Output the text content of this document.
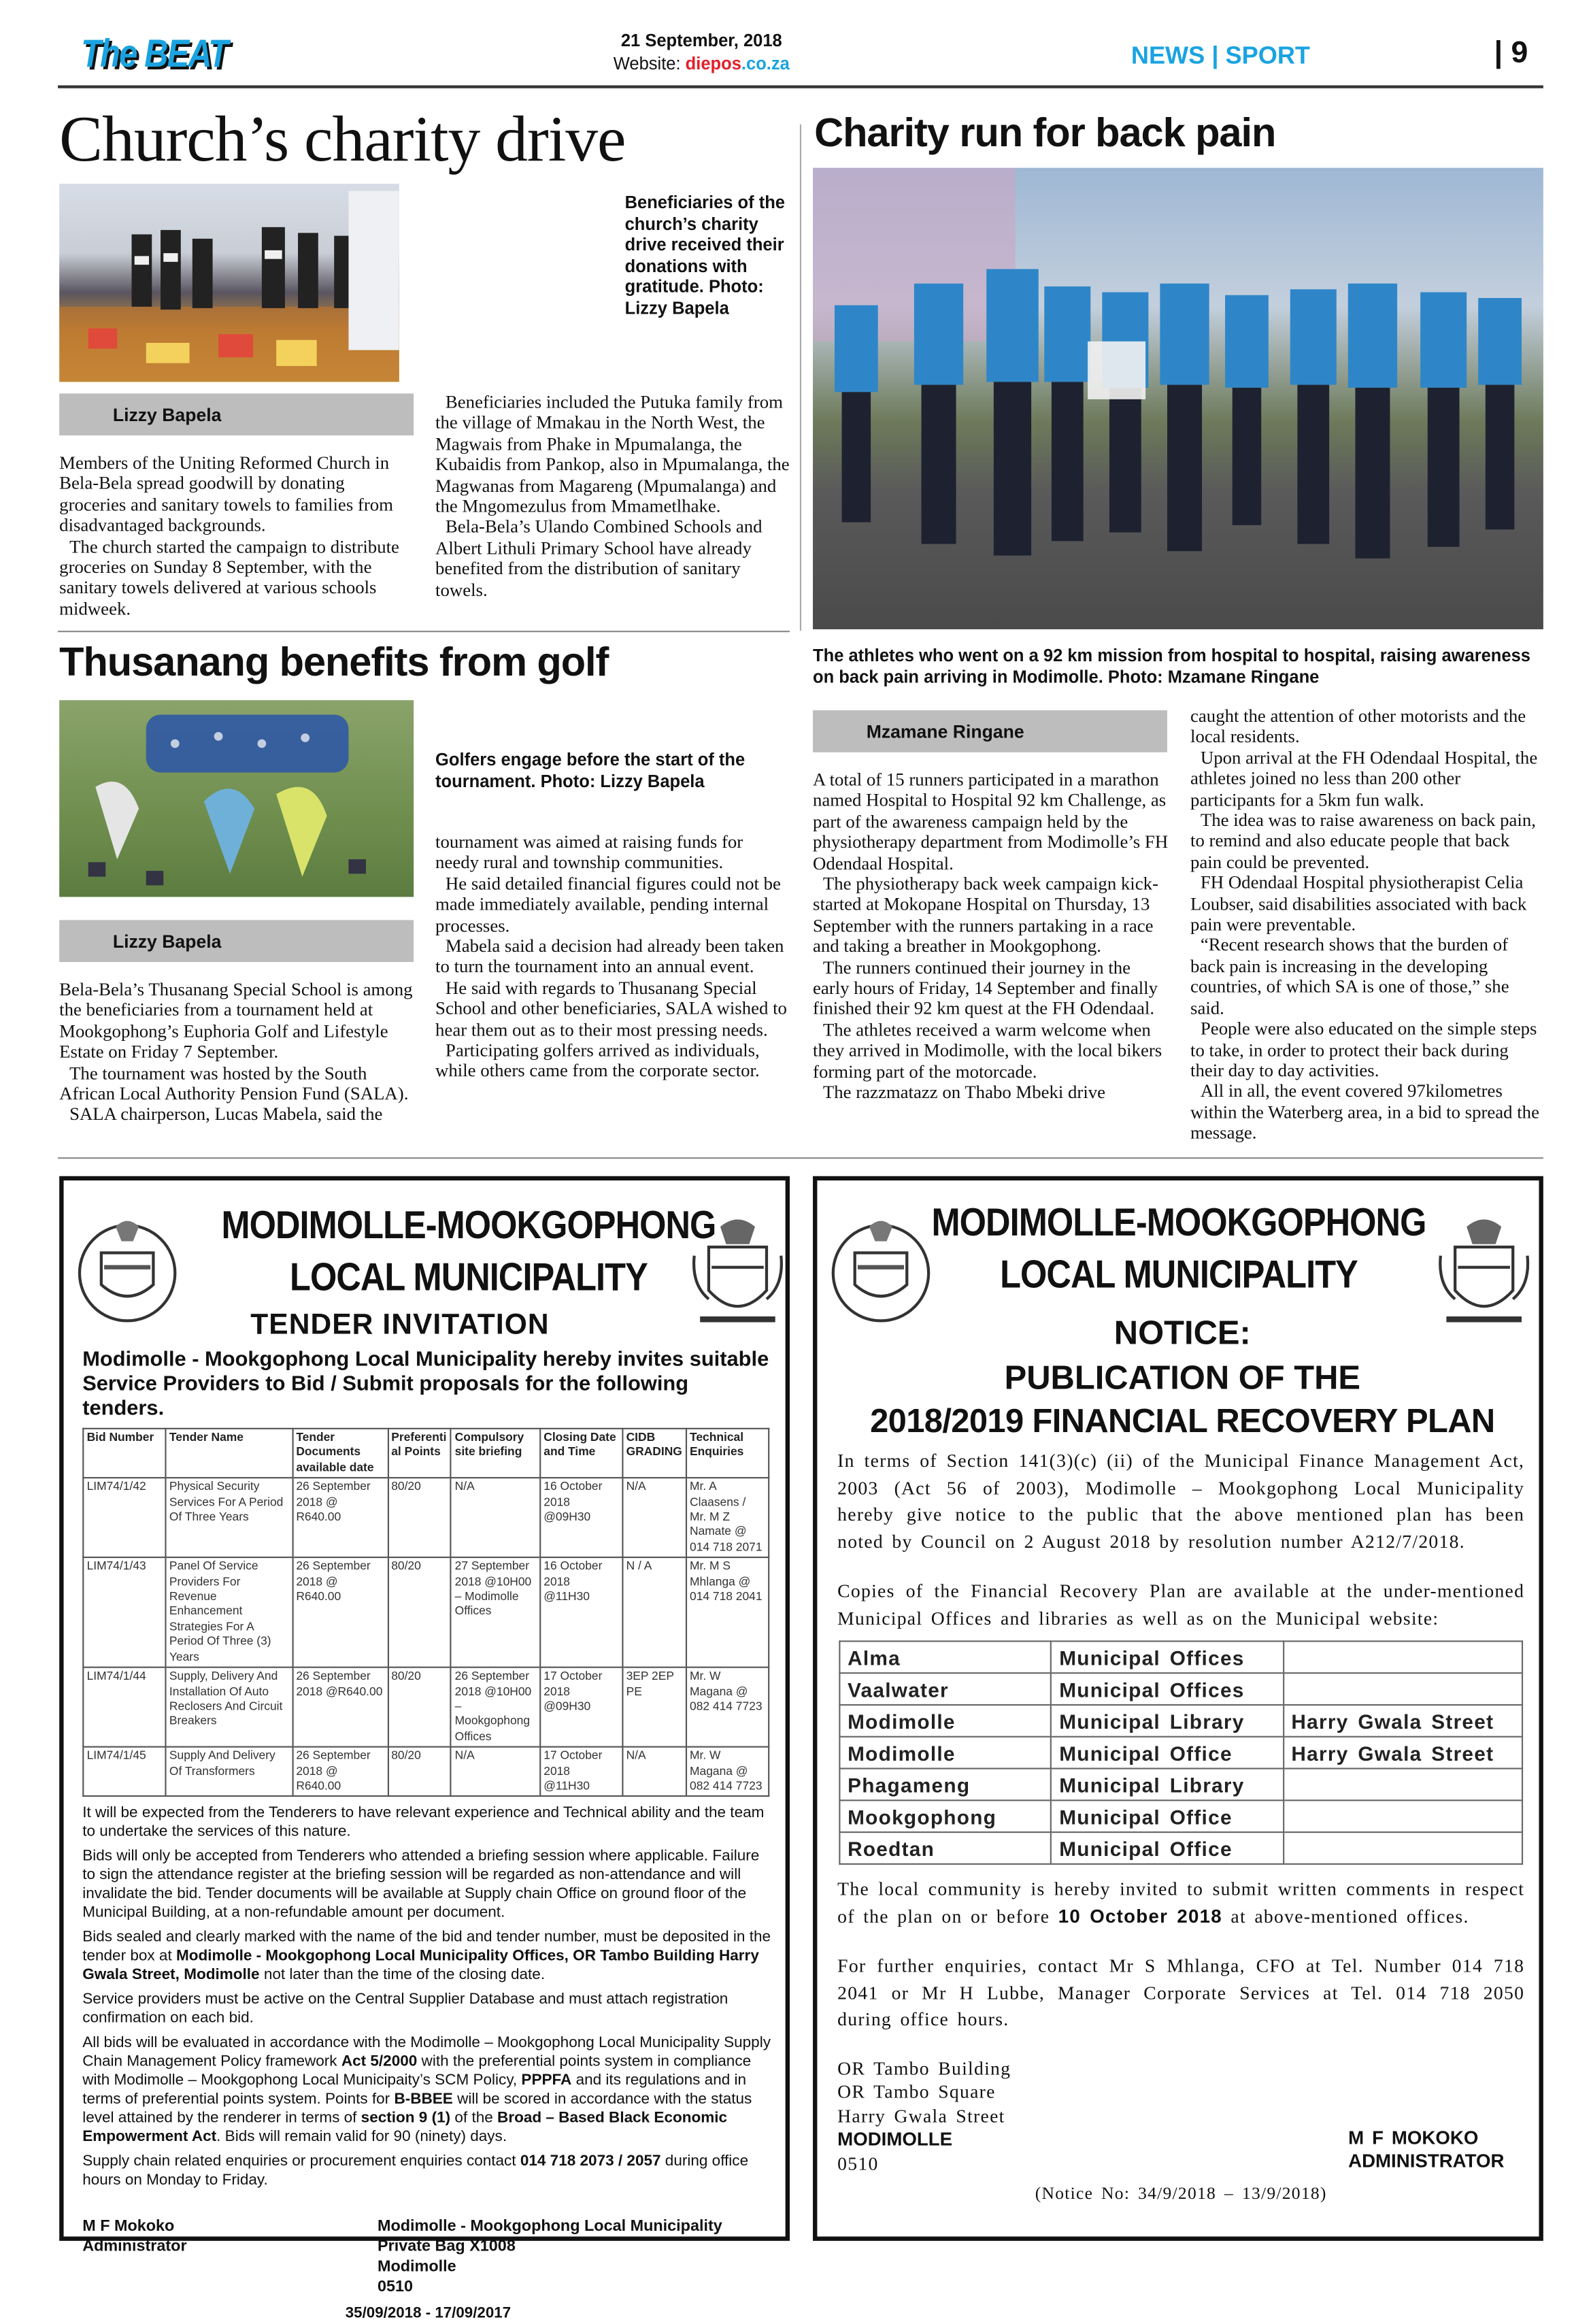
The BEAT	21 September, 2018
Website: diepos.co.za	NEWS | SPORT	| 9
Church’s charity drive
Beneficiaries of the church’s charity drive received their donations with gratitude. Photo: Lizzy Bapela
Lizzy Bapela

Members of the Uniting Reformed Church in Bela-Bela spread goodwill by donating groceries and sanitary towels to families from disadvantaged backgrounds.

The church started the campaign to distribute groceries on Sunday 8 September, with the sanitary towels delivered at various schools midweek.

Beneficiaries included the Putuka family from the village of Mmakau in the North West, the Magwais from Phake in Mpumalanga, the Kubaidis from Pankop, also in Mpumalanga, the Magwanas from Magareng (Mpumalanga) and the Mngomezulus from Mmametlhake.

Bela-Bela’s Ulando Combined Schools and Albert Lithuli Primary School have already benefited from the distribution of sanitary towels.

Thusanang benefits from golf
Golfers engage before the start of the tournament. Photo: Lizzy Bapela
Lizzy Bapela

Bela-Bela’s Thusanang Special School is among the beneficiaries from a tournament held at Mookgophong’s Euphoria Golf and Lifestyle Estate on Friday 7 September.

The tournament was hosted by the South African Local Authority Pension Fund (SALA).

SALA chairperson, Lucas Mabela, said the

tournament was aimed at raising funds for needy rural and township communities.

He said detailed financial figures could not be made immediately available, pending internal processes.

Mabela said a decision had already been taken to turn the tournament into an annual event.

He said with regards to Thusanang Special School and other beneficiaries, SALA wished to hear them out as to their most pressing needs.

Participating golfers arrived as individuals, while others came from the corporate sector.

Charity run for back pain
The athletes who went on a 92 km mission from hospital to hospital, raising awareness on back pain arriving in Modimolle. Photo: Mzamane Ringane
Mzamane Ringane

A total of 15 runners participated in a marathon named Hospital to Hospital 92 km Challenge, as part of the awareness campaign held by the physiotherapy department from Modimolle’s FH Odendaal Hospital.

The physiotherapy back week campaign kick-started at Mokopane Hospital on Thursday, 13 September with the runners partaking in a race and taking a breather in Mookgophong.

The runners continued their journey in the early hours of Friday, 14 September and finally finished their 92 km quest at the FH Odendaal.

The athletes received a warm welcome when they arrived in Modimolle, with the local bikers forming part of the motorcade.

The razzmatazz on Thabo Mbeki drive

caught the attention of other motorists and the local residents.

Upon arrival at the FH Odendaal Hospital, the athletes joined no less than 200 other participants for a 5km fun walk.

The idea was to raise awareness on back pain, to remind and also educate people that back pain could be prevented.

FH Odendaal Hospital physiotherapist Celia Loubser, said disabilities associated with back pain were preventable.

“Recent research shows that the burden of back pain is increasing in the developing countries, of which SA is one of those,” she said.

People were also educated on the simple steps to take, in order to protect their back during their day to day activities.

All in all, the event covered 97kilometres within the Waterberg area, in a bid to spread the message.

MODIMOLLE-MOOKGOPHONG
LOCAL MUNICIPALITY
TENDER INVITATION
Modimolle - Mookgophong Local Municipality hereby invites suitable Service Providers to Bid / Submit proposals for the following tenders.
Bid Number	Tender Name	Tender Documents available date	Preferential Points	Compulsory site briefing	Closing Date and Time	CIDB GRADING	Technical Enquiries
LIM74/1/42	Physical Security Services For A Period Of Three Years	26 September 2018 @ R640.00	80/20	N/A	16 October 2018 @09H30	N/A	Mr. A Claasens / Mr. M Z Namate @ 014 718 2071
LIM74/1/43	Panel Of Service Providers For Revenue Enhancement Strategies For A Period Of Three (3) Years	26 September 2018 @ R640.00	80/20	27 September 2018 @10H00 – Modimolle Offices	16 October 2018 @11H30	N / A	Mr. M S Mhlanga @ 014 718 2041
LIM74/1/44	Supply, Delivery And Installation Of Auto Reclosers And Circuit Breakers	26 September 2018 @R640.00	80/20	26 September 2018 @10H00 – Mookgophong Offices	17 October 2018 @09H30	3EP 2EP PE	Mr. W Magana @ 082 414 7723
LIM74/1/45	Supply And Delivery Of Transformers	26 September 2018 @ R640.00	80/20	N/A	17 October 2018 @11H30	N/A	Mr. W Magana @ 082 414 7723

It will be expected from the Tenderers to have relevant experience and Technical ability and the team to undertake the services of this nature.

Bids will only be accepted from Tenderers who attended a briefing session where applicable. Failure to sign the attendance register at the briefing session will be regarded as non-attendance and will invalidate the bid. Tender documents will be available at Supply chain Office on ground floor of the Municipal Building, at a non-refundable amount per document.

Bids sealed and clearly marked with the name of the bid and tender number, must be deposited in the tender box at Modimolle - Mookgophong Local Municipality Offices, OR Tambo Building Harry Gwala Street, Modimolle not later than the time of the closing date.

Service providers must be active on the Central Supplier Database and must attach registration confirmation on each bid.

All bids will be evaluated in accordance with the Modimolle – Mookgophong Local Municipality Supply Chain Management Policy framework Act 5/2000 with the preferential points system in compliance with Modimolle – Mookgophong Local Municipaity’s SCM Policy, PPPFA and its regulations and in terms of preferential points system. Points for B-BBEE will be scored in accordance with the status level attained by the renderer in terms of section 9 (1) of the Broad – Based Black Economic Empowerment Act. Bids will remain valid for 90 (ninety) days.

Supply chain related enquiries or procurement enquiries contact 014 718 2073 / 2057 during office hours on Monday to Friday.

M F Mokoko
Administrator
Modimolle - Mookgophong Local Municipality
Private Bag X1008
Modimolle
0510
35/09/2018 - 17/09/2017
MODIMOLLE-MOOKGOPHONG
LOCAL MUNICIPALITY
NOTICE:
PUBLICATION OF THE
2018/2019 FINANCIAL RECOVERY PLAN

In terms of Section 141(3)(c) (ii) of the Municipal Finance Management Act, 2003 (Act 56 of 2003), Modimolle – Mookgophong Local Municipality hereby give notice to the public that the above mentioned plan has been noted by Council on 2 August 2018 by resolution number A212/7/2018.

Copies of the Financial Recovery Plan are available at the under-mentioned Municipal Offices and libraries as well as on the Municipal website:

Alma	Municipal Offices	
Vaalwater	Municipal Offices	
Modimolle	Municipal Library	Harry Gwala Street
Modimolle	Municipal Office	Harry Gwala Street
Phagameng	Municipal Library	
Mookgophong	Municipal Office	
Roedtan	Municipal Office	

The local community is hereby invited to submit written comments in respect of the plan on or before 10 October 2018 at above-mentioned offices.

For further enquiries, contact Mr S Mhlanga, CFO at Tel. Number 014 718 2041 or Mr H Lubbe, Manager Corporate Services at Tel. 014 718 2050 during office hours.

OR Tambo Building
OR Tambo Square
Harry Gwala Street
MODIMOLLE
0510
M F MOKOKO
ADMINISTRATOR
(Notice No: 34/9/2018 – 13/9/2018)
